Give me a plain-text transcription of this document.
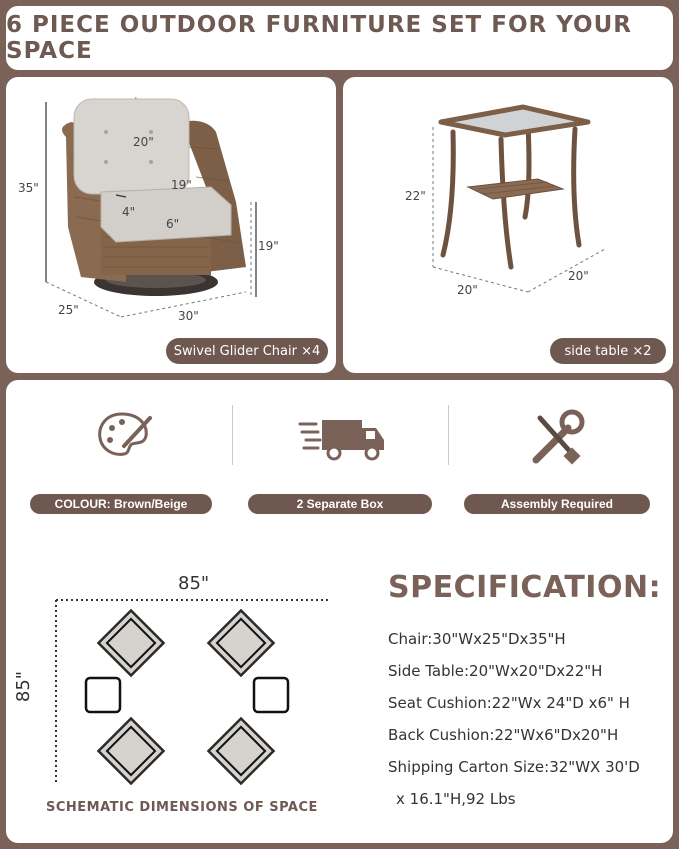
6 PIECE OUTDOOR FURNITURE SET FOR YOUR SPACE
20"
19"
4"
6"
35"
19"
25"	30"
Swivel Glider Chair ×4
22"
20"
20"
side table ×2
COLOUR: Brown/Beige	2 Separate Box	Assembly Required
85"
85"
SCHEMATIC DIMENSIONS OF SPACE
SPECIFICATION:
Chair:30"Wx25"Dx35"H
Side Table:20"Wx20"Dx22"H
Seat Cushion:22"Wx 24"D x6" H
Back Cushion:22"Wx6"Dx20"H
Shipping Carton Size:32"WX 30'D
x 16.1"H,92 Lbs
